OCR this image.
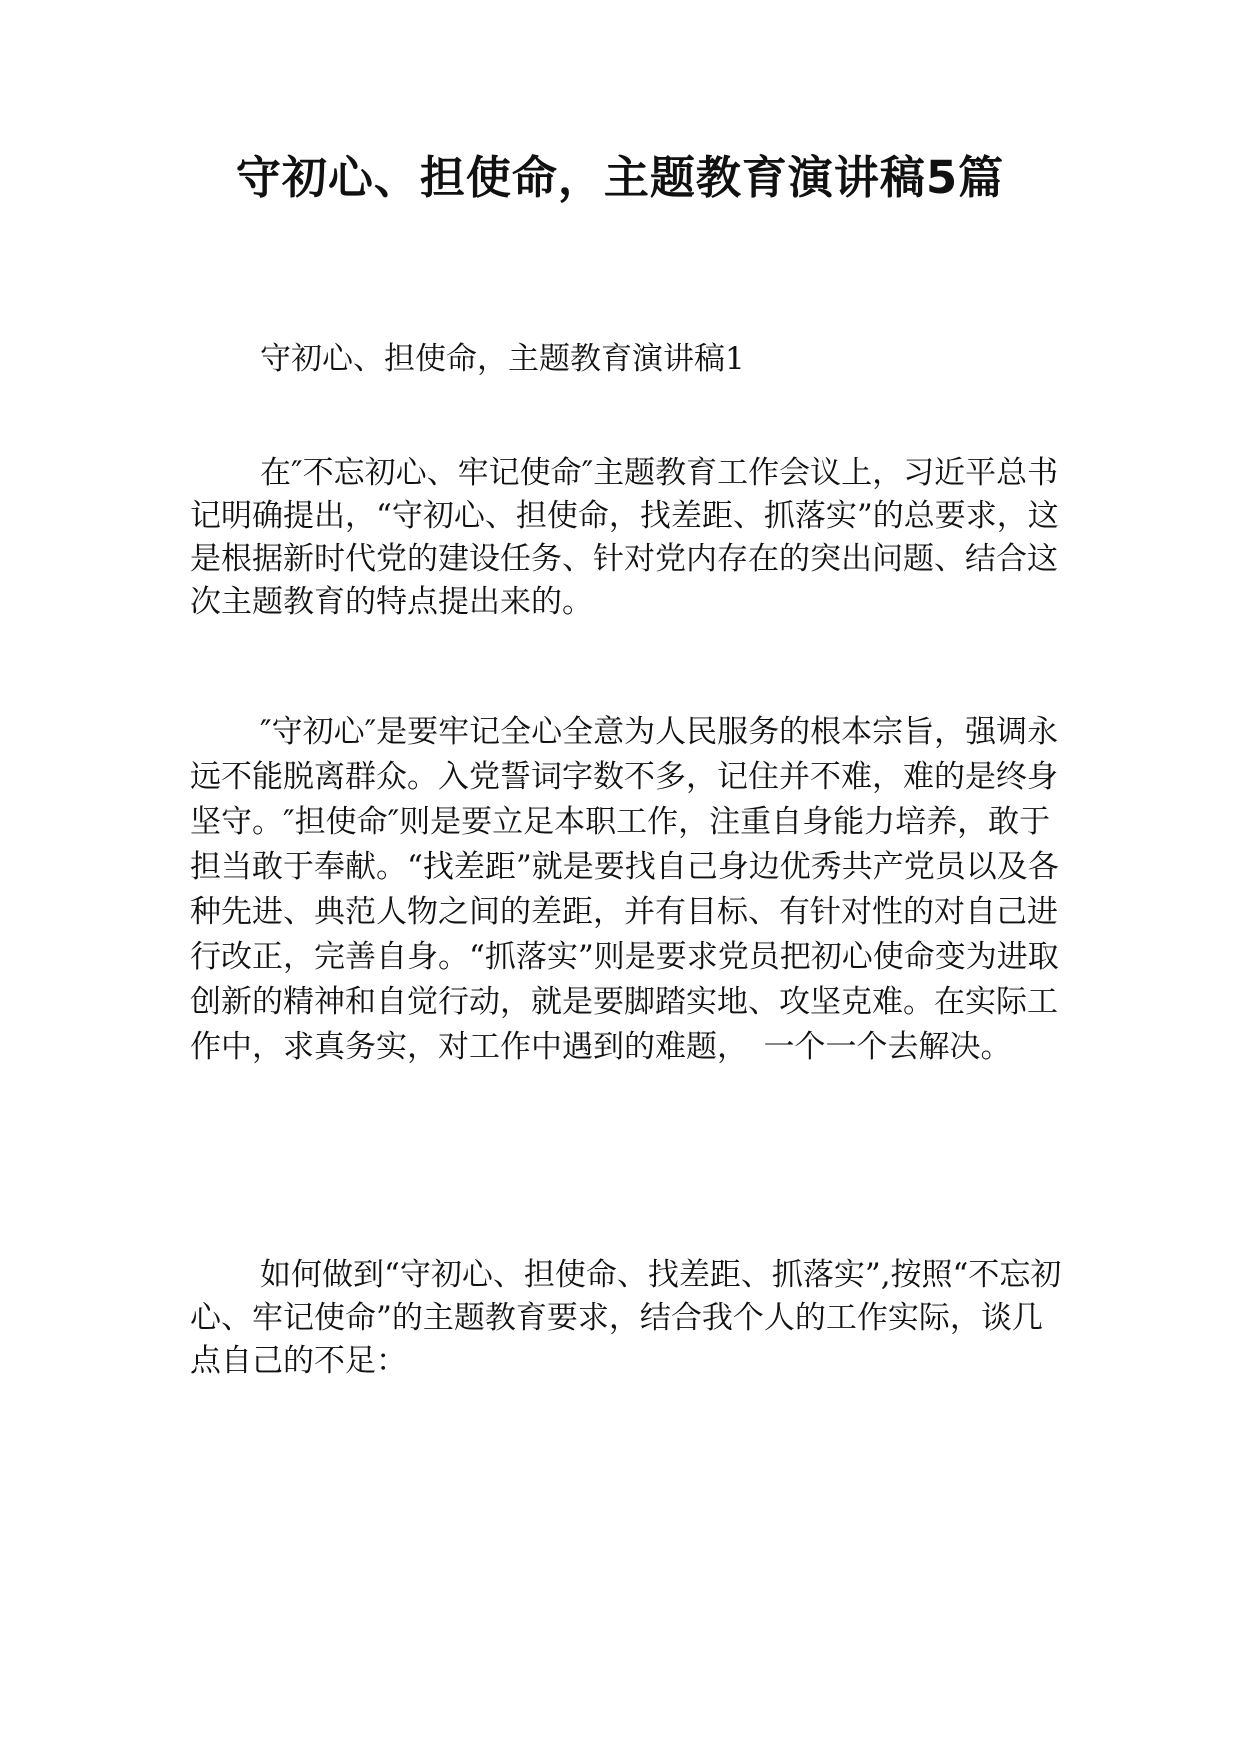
守初心、担使命，主题教育演讲稿5篇

守初心、担使命，主题教育演讲稿1

在″不忘初心、牢记使命″主题教育工作会议上，习近平总书记明确提出，“守初心、担使命，找差距、抓落实”的总要求，这是根据新时代党的建设任务、针对党内存在的突出问题、结合这次主题教育的特点提出来的。

″守初心″是要牢记全心全意为人民服务的根本宗旨，强调永远不能脱离群众。入党誓词字数不多，记住并不难，难的是终身坚守。″担使命″则是要立足本职工作，注重自身能力培养，敢于担当敢于奉献。“找差距”就是要找自己身边优秀共产党员以及各种先进、典范人物之间的差距，并有目标、有针对性的对自己进行改正，完善自身。“抓落实”则是要求党员把初心使命变为进取创新的精神和自觉行动，就是要脚踏实地、攻坚克难。在实际工作中，求真务实，对工作中遇到的难题，　一个一个去解决。

如何做到“守初心、担使命、找差距、抓落实”,按照“不忘初心、牢记使命”的主题教育要求，结合我个人的工作实际，谈几点自己的不足：
